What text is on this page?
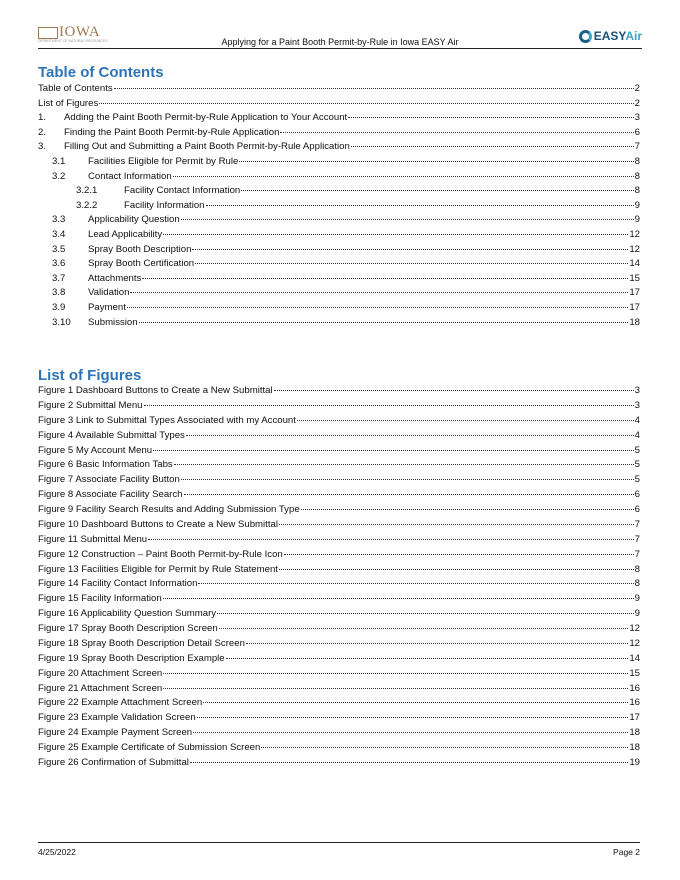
IOWA
DEPARTMENT OF NATURAL RESOURCES	Applying for a Paint Booth Permit-by-Rule in Iowa EASY Air	EASYAir
Table of Contents
Table of Contents	2
List of Figures	2
1.	Adding the Paint Booth Permit-by-Rule Application to Your Account	3
2.	Finding the Paint Booth Permit-by-Rule Application	6
3.	Filling Out and Submitting a Paint Booth Permit-by-Rule Application	7
3.1	Facilities Eligible for Permit by Rule	8
3.2	Contact Information	8
3.2.1	Facility Contact Information	8
3.2.2	Facility Information	9
3.3	Applicability Question	9
3.4	Lead Applicability	12
3.5	Spray Booth Description	12
3.6	Spray Booth Certification	14
3.7	Attachments	15
3.8	Validation	17
3.9	Payment	17
3.10	Submission	18
List of Figures
Figure 1 Dashboard Buttons to Create a New Submittal	3
Figure 2 Submittal Menu	3
Figure 3 Link to Submittal Types Associated with my Account	4
Figure 4 Available Submittal Types	4
Figure 5 My Account Menu	5
Figure 6 Basic Information Tabs	5
Figure 7 Associate Facility Button	5
Figure 8 Associate Facility Search	6
Figure 9 Facility Search Results and Adding Submission Type	6
Figure 10 Dashboard Buttons to Create a New Submittal	7
Figure 11 Submittal Menu	7
Figure 12 Construction – Paint Booth Permit-by-Rule Icon	7
Figure 13 Facilities Eligible for Permit by Rule Statement	8
Figure 14 Facility Contact Information	8
Figure 15 Facility Information	9
Figure 16 Applicability Question Summary	9
Figure 17 Spray Booth Description Screen	12
Figure 18 Spray Booth Description Detail Screen	12
Figure 19 Spray Booth Description Example	14
Figure 20 Attachment Screen	15
Figure 21 Attachment Screen	16
Figure 22 Example Attachment Screen	16
Figure 23 Example Validation Screen	17
Figure 24 Example Payment Screen	18
Figure 25 Example Certificate of Submission Screen	18
Figure 26 Confirmation of Submittal	19
4/25/2022	Page 2
